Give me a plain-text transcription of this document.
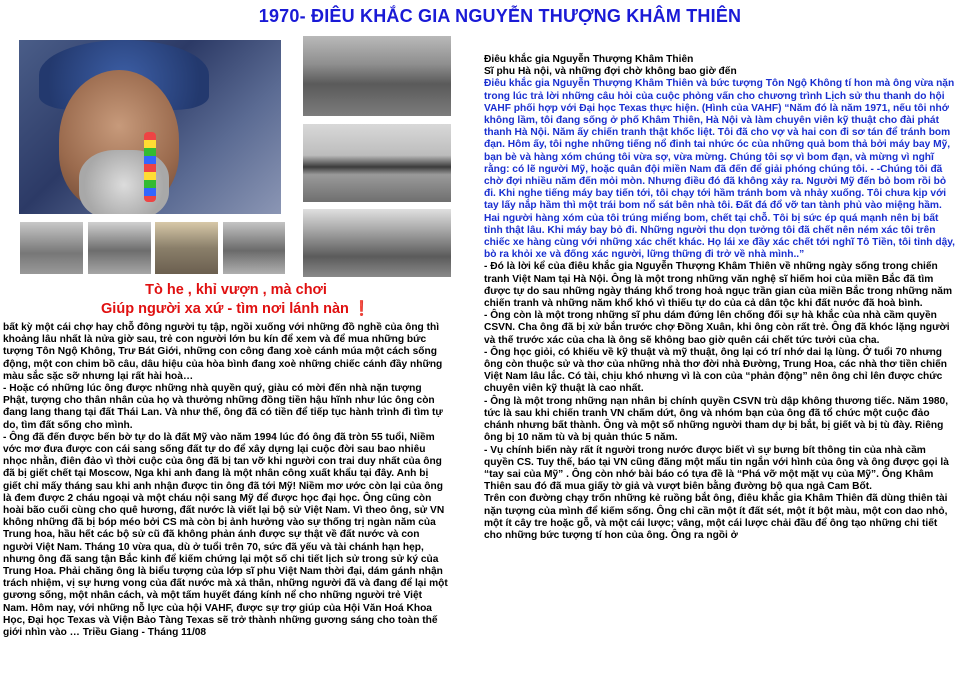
1970- ĐIÊU KHẮC GIA NGUYỄN THƯỢNG KHÂM THIÊN
Tò he , khỉ vượn , mà chơi
Giúp người xa xứ - tìm nơi lánh nàn ❗

Điêu khắc gia Nguyễn Thượng Khâm Thiên

Sĩ phu Hà nội, và những đợi chờ không bao giờ đến

Điêu khắc gia Nguyễn Thượng Khâm Thiên và bức tượng Tôn Ngộ Không tí hon mà ông vừa nặn trong lúc trả lời những câu hỏi của cuộc phỏng vấn cho chương trình Lịch sử thu thanh do hội VAHF phối hợp với Đại học Texas thực hiện. (Hình của VAHF) “Năm đó là năm 1971, nếu tôi nhớ không lầm, tôi đang sống ở phố Khâm Thiên, Hà Nội và làm chuyên viên kỹ thuật cho đài phát thanh Hà Nội. Năm ấy chiến tranh thật khốc liệt. Tôi đã cho vợ và hai con đi sơ tán để tránh bom đạn. Hôm ấy, tôi nghe những tiếng nổ đinh tai nhức óc của những quả bom thả bởi máy bay Mỹ, bạn bè và hàng xóm chúng tôi vừa sợ, vừa mừng. Chúng tôi sợ vì bom đạn, và mừng vì nghĩ rằng: có lẽ người Mỹ, hoặc quân đội miền Nam đã đến để giải phóng chúng tôi. - -Chúng tôi đã chờ đợi nhiều năm đến mỏi mòn. Nhưng điều đó đã không xảy ra. Người Mỹ đến bỏ bom rồi bỏ đi. Khi nghe tiếng máy bay tiến tới, tôi chạy tới hầm tránh bom và nhảy xuống. Tôi chưa kịp với tay lấy nắp hầm thì một trái bom nổ sát bên nhà tôi. Đất đá đổ vỡ tan tành phủ vào miệng hầm. Hai người hàng xóm của tôi trúng miểng bom, chết tại chỗ. Tôi bị sức ép quá mạnh nên bị bất tỉnh thật lâu. Khi máy bay bỏ đi. Những người thu dọn tưởng tôi đã chết nên ném xác tôi trên chiếc xe hàng cùng với những xác chết khác. Họ lái xe đầy xác chết tới nghĩ Tô Tiền, tôi tỉnh dậy, bò ra khỏi xe và đống xác người, lững thững đi trở về nhà mình..”

- Đó là lời kể của điêu khắc gia Nguyễn Thượng Khâm Thiên về những ngày sống trong chiến tranh Việt Nam tại Hà Nội. Ông là một trong những văn nghệ sĩ hiếm hoi của miền Bắc đã tìm được tự do sau những ngày tháng khổ trong hoả ngục trần gian của miền Bắc trong những năm chiến tranh và những năm khổ khó vì thiếu tự do của cả dân tộc khi đất nước đã hoà bình.

- Ông còn là một trong những sĩ phu dám đứng lên chống đối sự hà khắc của nhà cầm quyền CSVN. Cha ông đã bị xử bắn trước chợ Đồng Xuân, khi ông còn rất trẻ. Ông đã khóc lặng người và thế trước xác của cha là ông sẽ không bao giờ quên cái chết tức tưởi của cha.

- Ông học giỏi, có khiếu về kỹ thuật và mỹ thuật, ông lại có trí nhớ dai lạ lùng. Ở tuổi 70 nhưng ông còn thuộc sử và thơ của những nhà thơ đời nhà Đường, Trung Hoa, các nhà thơ tiền chiến Việt Nam lâu lắc. Có tài, chịu khó nhưng vì là con của “phản động” nên ông chỉ lên được chức chuyên viên kỹ thuật là cao nhất.

- Ông là một trong những nạn nhân bị chính quyền CSVN trù dập không thương tiếc. Năm 1980, tức là sau khi chiến tranh VN chấm dứt, ông và nhóm bạn của ông đã tổ chức một cuộc đảo chánh nhưng bất thành. Ông và một số những người tham dự bị bắt, bị giết và bị tù đày. Riêng ông bị 10 năm tù và bị quản thúc 5 năm.

- Vụ chính biến này rất ít người trong nước được biết vì sự bưng bít thông tin của nhà cầm quyền CS. Tuy thế, báo tại VN cũng đăng một mẩu tin ngắn với hình của ông và ông được gọi là “tay sai của Mỹ” . Ông còn nhớ bài báo có tựa đề là “Phá vỡ một mặt vụ của Mỹ”. Ông Khâm Thiên sau đó đã mua giấy tờ giả và vượt biên bằng đường bộ qua ngả Cam Bốt.

Trên con đường chạy trốn những kẻ ruồng bắt ông, điêu khắc gia Khâm Thiên đã dùng thiên tài nặn tượng của mình để kiếm sống. Ông chỉ cần một ít đất sét, một ít bột màu, một con dao nhỏ, một ít cây tre hoặc gỗ, và một cái lược; vâng, một cái lược chải đầu để ông tạo những chi tiết cho những bức tượng tí hon của ông. Ông ra ngồi ở

bất kỳ một cái chợ hay chỗ đông người tụ tập, ngồi xuống với những đồ nghề của ông thì khoảng lâu nhất là nửa giờ sau, trẻ con người lớn bu kín để xem và để mua những bức tượng Tôn Ngộ Không, Trư Bát Giới, những con công đang xoè cánh múa một cách sống động, một con chim bồ câu, dâu hiệu của hòa bình đang xoè những chiếc cánh đầy những màu sắc sặc sỡ nhưng lại rất hài hoà…

- Hoặc có những lúc ông được những nhà quyền quý, giàu có mời đến nhà nặn tượng Phật, tượng cho thân nhân của họ và thưởng những đồng tiền hậu hĩnh như lúc ông còn đang lang thang tại đất Thái Lan. Và như thế, ông đã có tiền để tiếp tục hành trình đi tìm tự do, tìm đất sống cho mình.

- Ông đã đến được bến bờ tự do là đất Mỹ vào năm 1994 lúc đó ông đã tròn 55 tuổi, Niềm vớc mơ đưa được con cái sang sống đất tự do để xây dựng lại cuộc đời sau bao nhiêu nhọc nhằn, điên đảo vì thời cuộc của ông đã bị tan vỡ khi người con trai duy nhất của ông đã bị giết chết tại Moscow, Nga khi anh đang là một nhân công xuất khẩu tại đây. Anh bị giết chỉ mấy tháng sau khi anh nhận được tin ông đã tới Mỹ! Niềm mơ ước còn lại của ông là đem được 2 cháu ngoại và một cháu nội sang Mỹ để được học đại học. Ông cũng còn hoài bão cuối cùng cho quê hương, đất nước là viết lại bộ sử Việt Nam. Vì theo ông, sử VN không những đã bị bóp méo bởi CS mà còn bị ảnh hưởng vào sự thống trị ngàn năm của Trung hoa, hầu hết các bộ sử cũ đã không phản ánh được sự thật về đất nước và con người Việt Nam. Tháng 10 vừa qua, dù ở tuổi trên 70, sức đã yếu và tài chánh hạn hẹp, nhưng ông đã sang tận Bắc kinh để kiếm chứng lại một số chi tiết lịch sử trong sử ký của Trung Hoa. Phải chăng ông là biểu tượng của lớp sĩ phu Việt Nam thời đại, dám gánh nhận trách nhiệm, vị sự hưng vong của đất nước mà xả thân, những người đã và đang để lại một gương sống, một nhân cách, và một tấm huyết đáng kính nể cho những người trẻ Việt Nam. Hôm nay, với những nỗ lực của hội VAHF, được sự trợ giúp của Hội Văn Hoá Khoa Học, Đại học Texas và Viện Bảo Tàng Texas sẽ trở thành những gương sáng cho toàn thế giới nhìn vào … Triều Giang - Tháng 11/08
